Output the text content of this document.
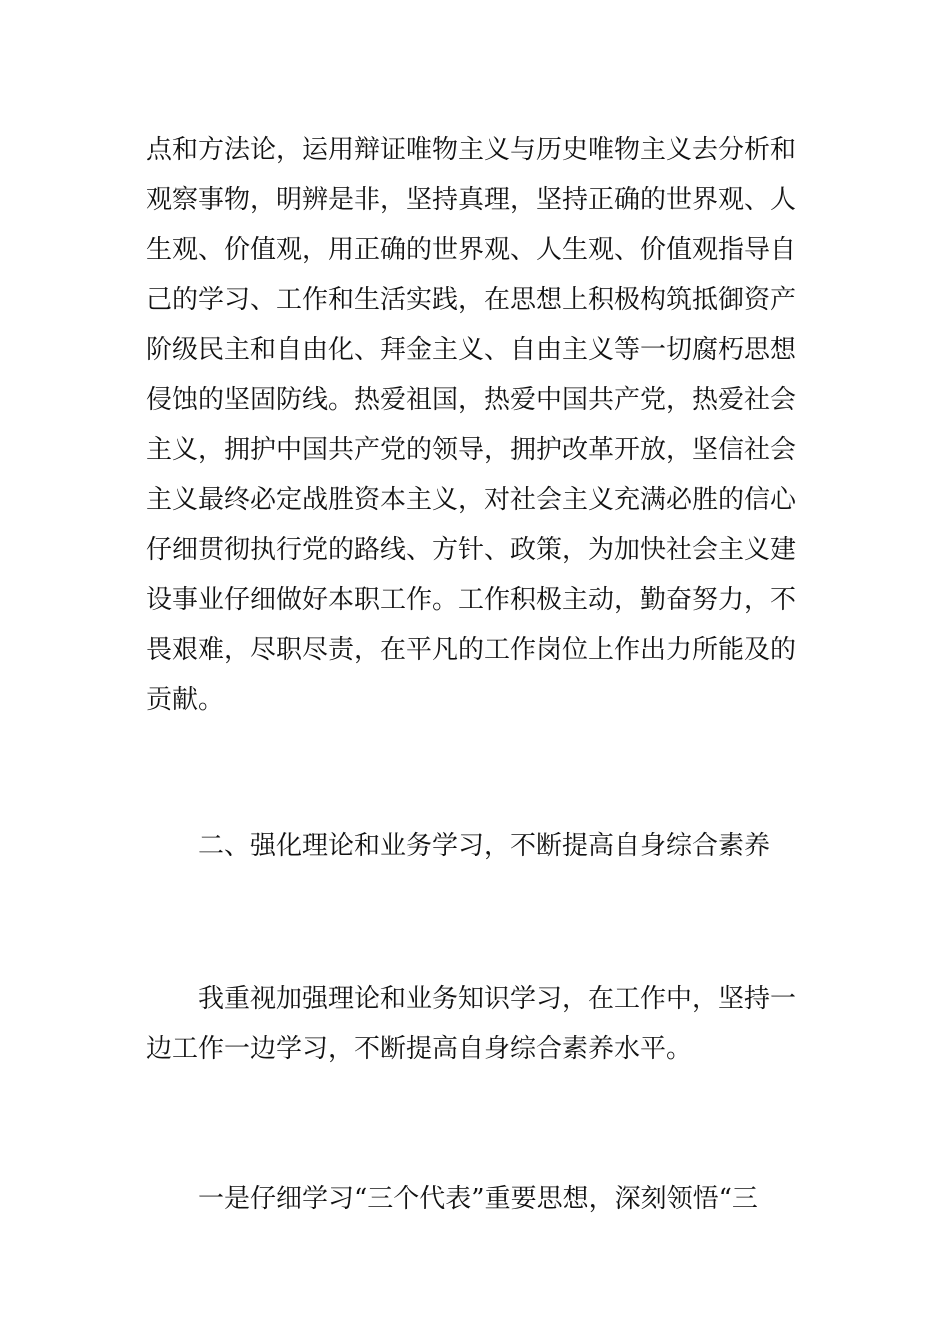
点和方法论，运用辩证唯物主义与历史唯物主义去分析和
观察事物，明辨是非，坚持真理，坚持正确的世界观、人
生观、价值观，用正确的世界观、人生观、价值观指导自
己的学习、工作和生活实践，在思想上积极构筑抵御资产
阶级民主和自由化、拜金主义、自由主义等一切腐朽思想
侵蚀的坚固防线。热爱祖国，热爱中国共产党，热爱社会
主义，拥护中国共产党的领导，拥护改革开放，坚信社会
主义最终必定战胜资本主义，对社会主义充满必胜的信心
仔细贯彻执行党的路线、方针、政策，为加快社会主义建
设事业仔细做好本职工作。工作积极主动，勤奋努力，不
畏艰难，尽职尽责，在平凡的工作岗位上作出力所能及的
贡献。
二、强化理论和业务学习，不断提高自身综合素养
我重视加强理论和业务知识学习，在工作中，坚持一
边工作一边学习，不断提高自身综合素养水平。
一是仔细学习“三个代表”重要思想，深刻领悟“三
